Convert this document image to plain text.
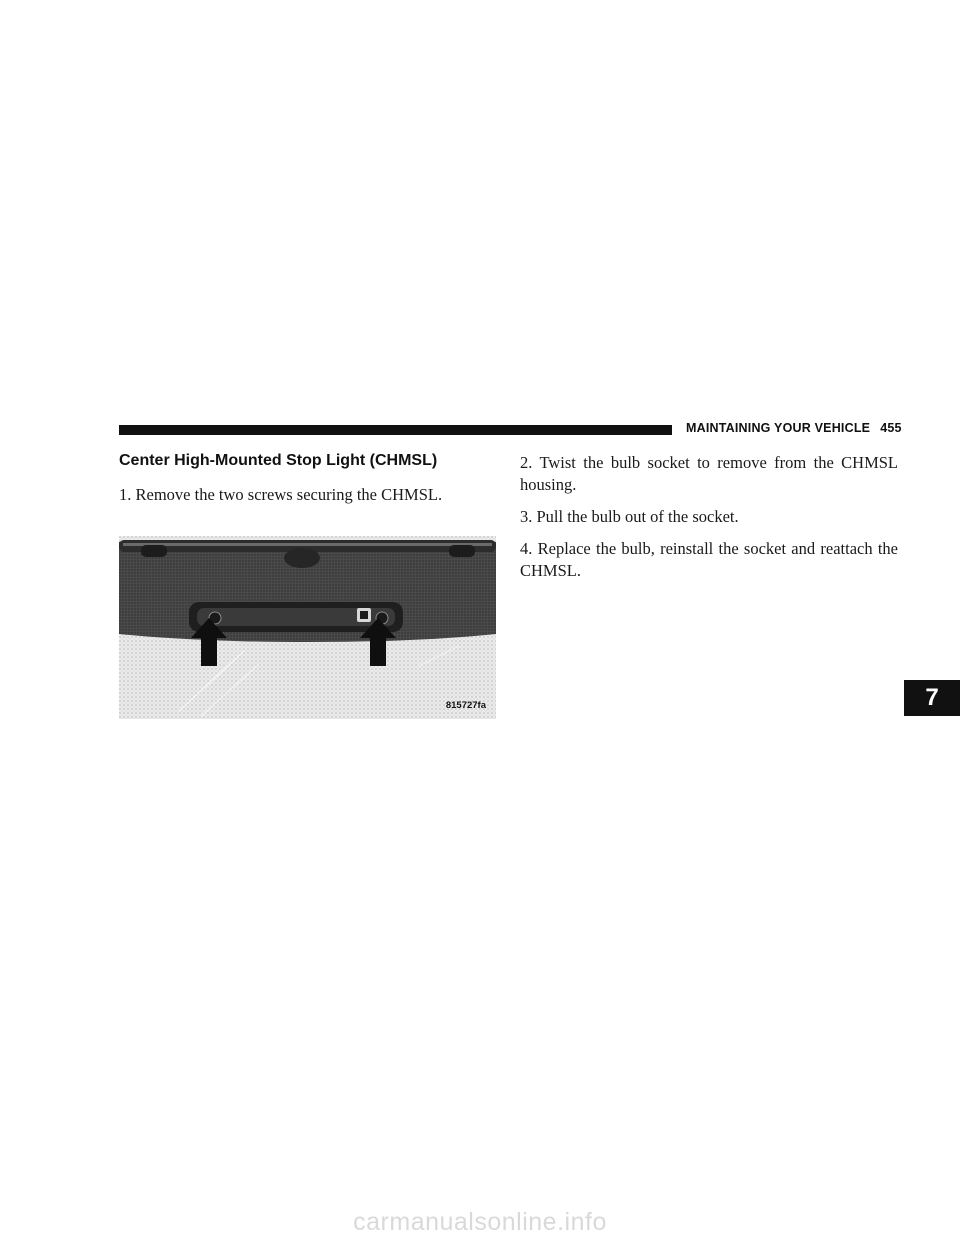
MAINTAINING YOUR VEHICLE 455
Center High-Mounted Stop Light (CHMSL)

1. Remove the two screws securing the CHMSL.

815727fa

2. Twist the bulb socket to remove from the CHMSL housing.

3. Pull the bulb out of the socket.

4. Replace the bulb, reinstall the socket and reattach the CHMSL.

7
carmanualsonline.info
